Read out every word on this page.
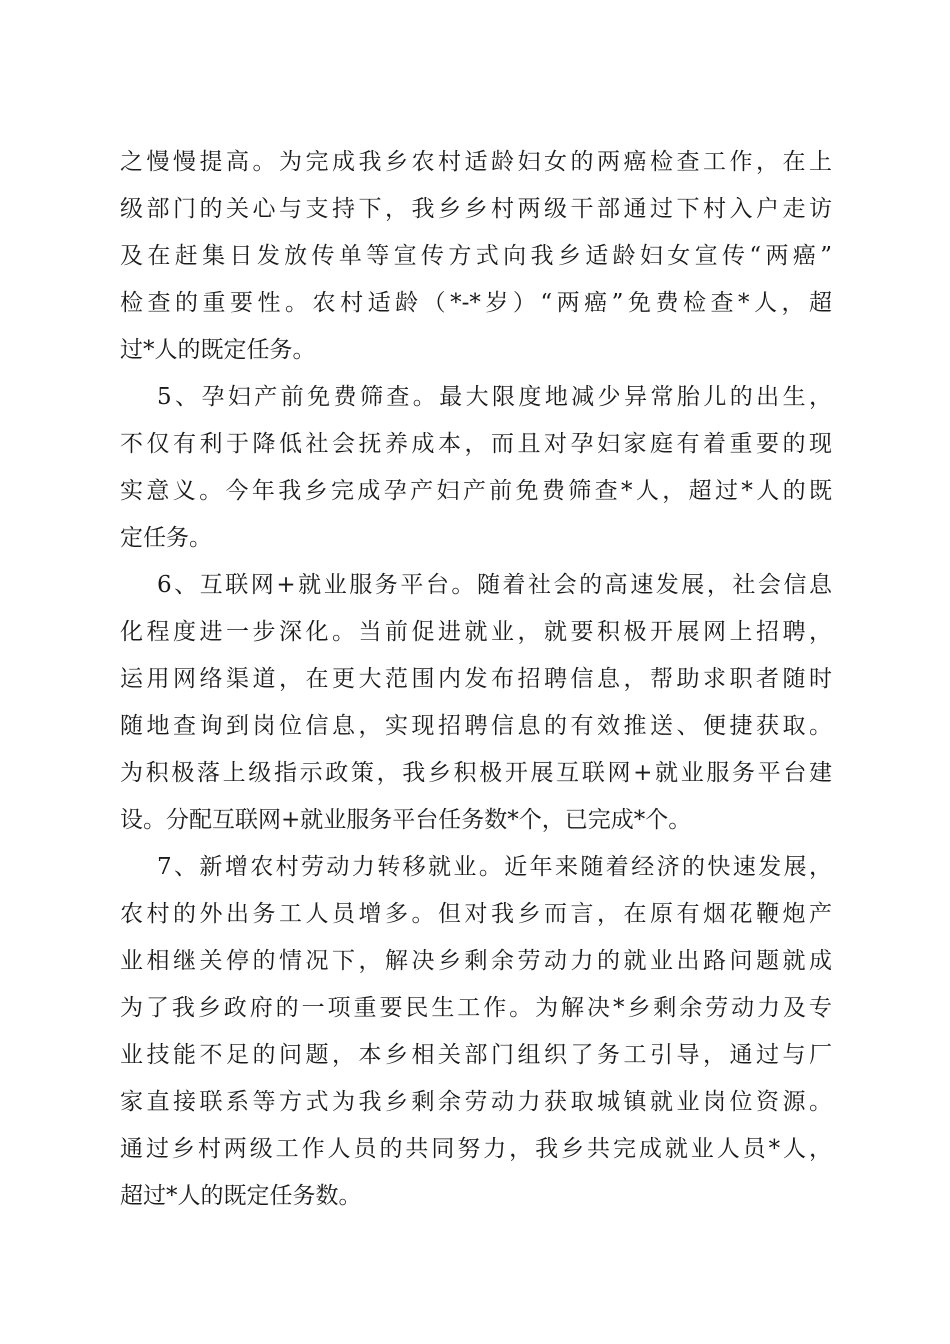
之慢慢提高。为完成我乡农村适龄妇女的两癌检查工作，在上
级部门的关心与支持下，我乡乡村两级干部通过下村入户走访
及在赶集日发放传单等宣传方式向我乡适龄妇女宣传“两癌”
检查的重要性。农村适龄（*-*岁）“两癌”免费检查*人，超
过*人的既定任务。
5、孕妇产前免费筛查。最大限度地减少异常胎儿的出生，
不仅有利于降低社会抚养成本，而且对孕妇家庭有着重要的现
实意义。今年我乡完成孕产妇产前免费筛查*人，超过*人的既
定任务。
6、互联网+就业服务平台。随着社会的高速发展，社会信息
化程度进一步深化。当前促进就业，就要积极开展网上招聘，
运用网络渠道，在更大范围内发布招聘信息，帮助求职者随时
随地查询到岗位信息，实现招聘信息的有效推送、便捷获取。
为积极落上级指示政策，我乡积极开展互联网+就业服务平台建
设。分配互联网+就业服务平台任务数*个，已完成*个。
7、新增农村劳动力转移就业。近年来随着经济的快速发展，
农村的外出务工人员增多。但对我乡而言，在原有烟花鞭炮产
业相继关停的情况下，解决乡剩余劳动力的就业出路问题就成
为了我乡政府的一项重要民生工作。为解决*乡剩余劳动力及专
业技能不足的问题，本乡相关部门组织了务工引导，通过与厂
家直接联系等方式为我乡剩余劳动力获取城镇就业岗位资源。
通过乡村两级工作人员的共同努力，我乡共完成就业人员*人，
超过*人的既定任务数。
